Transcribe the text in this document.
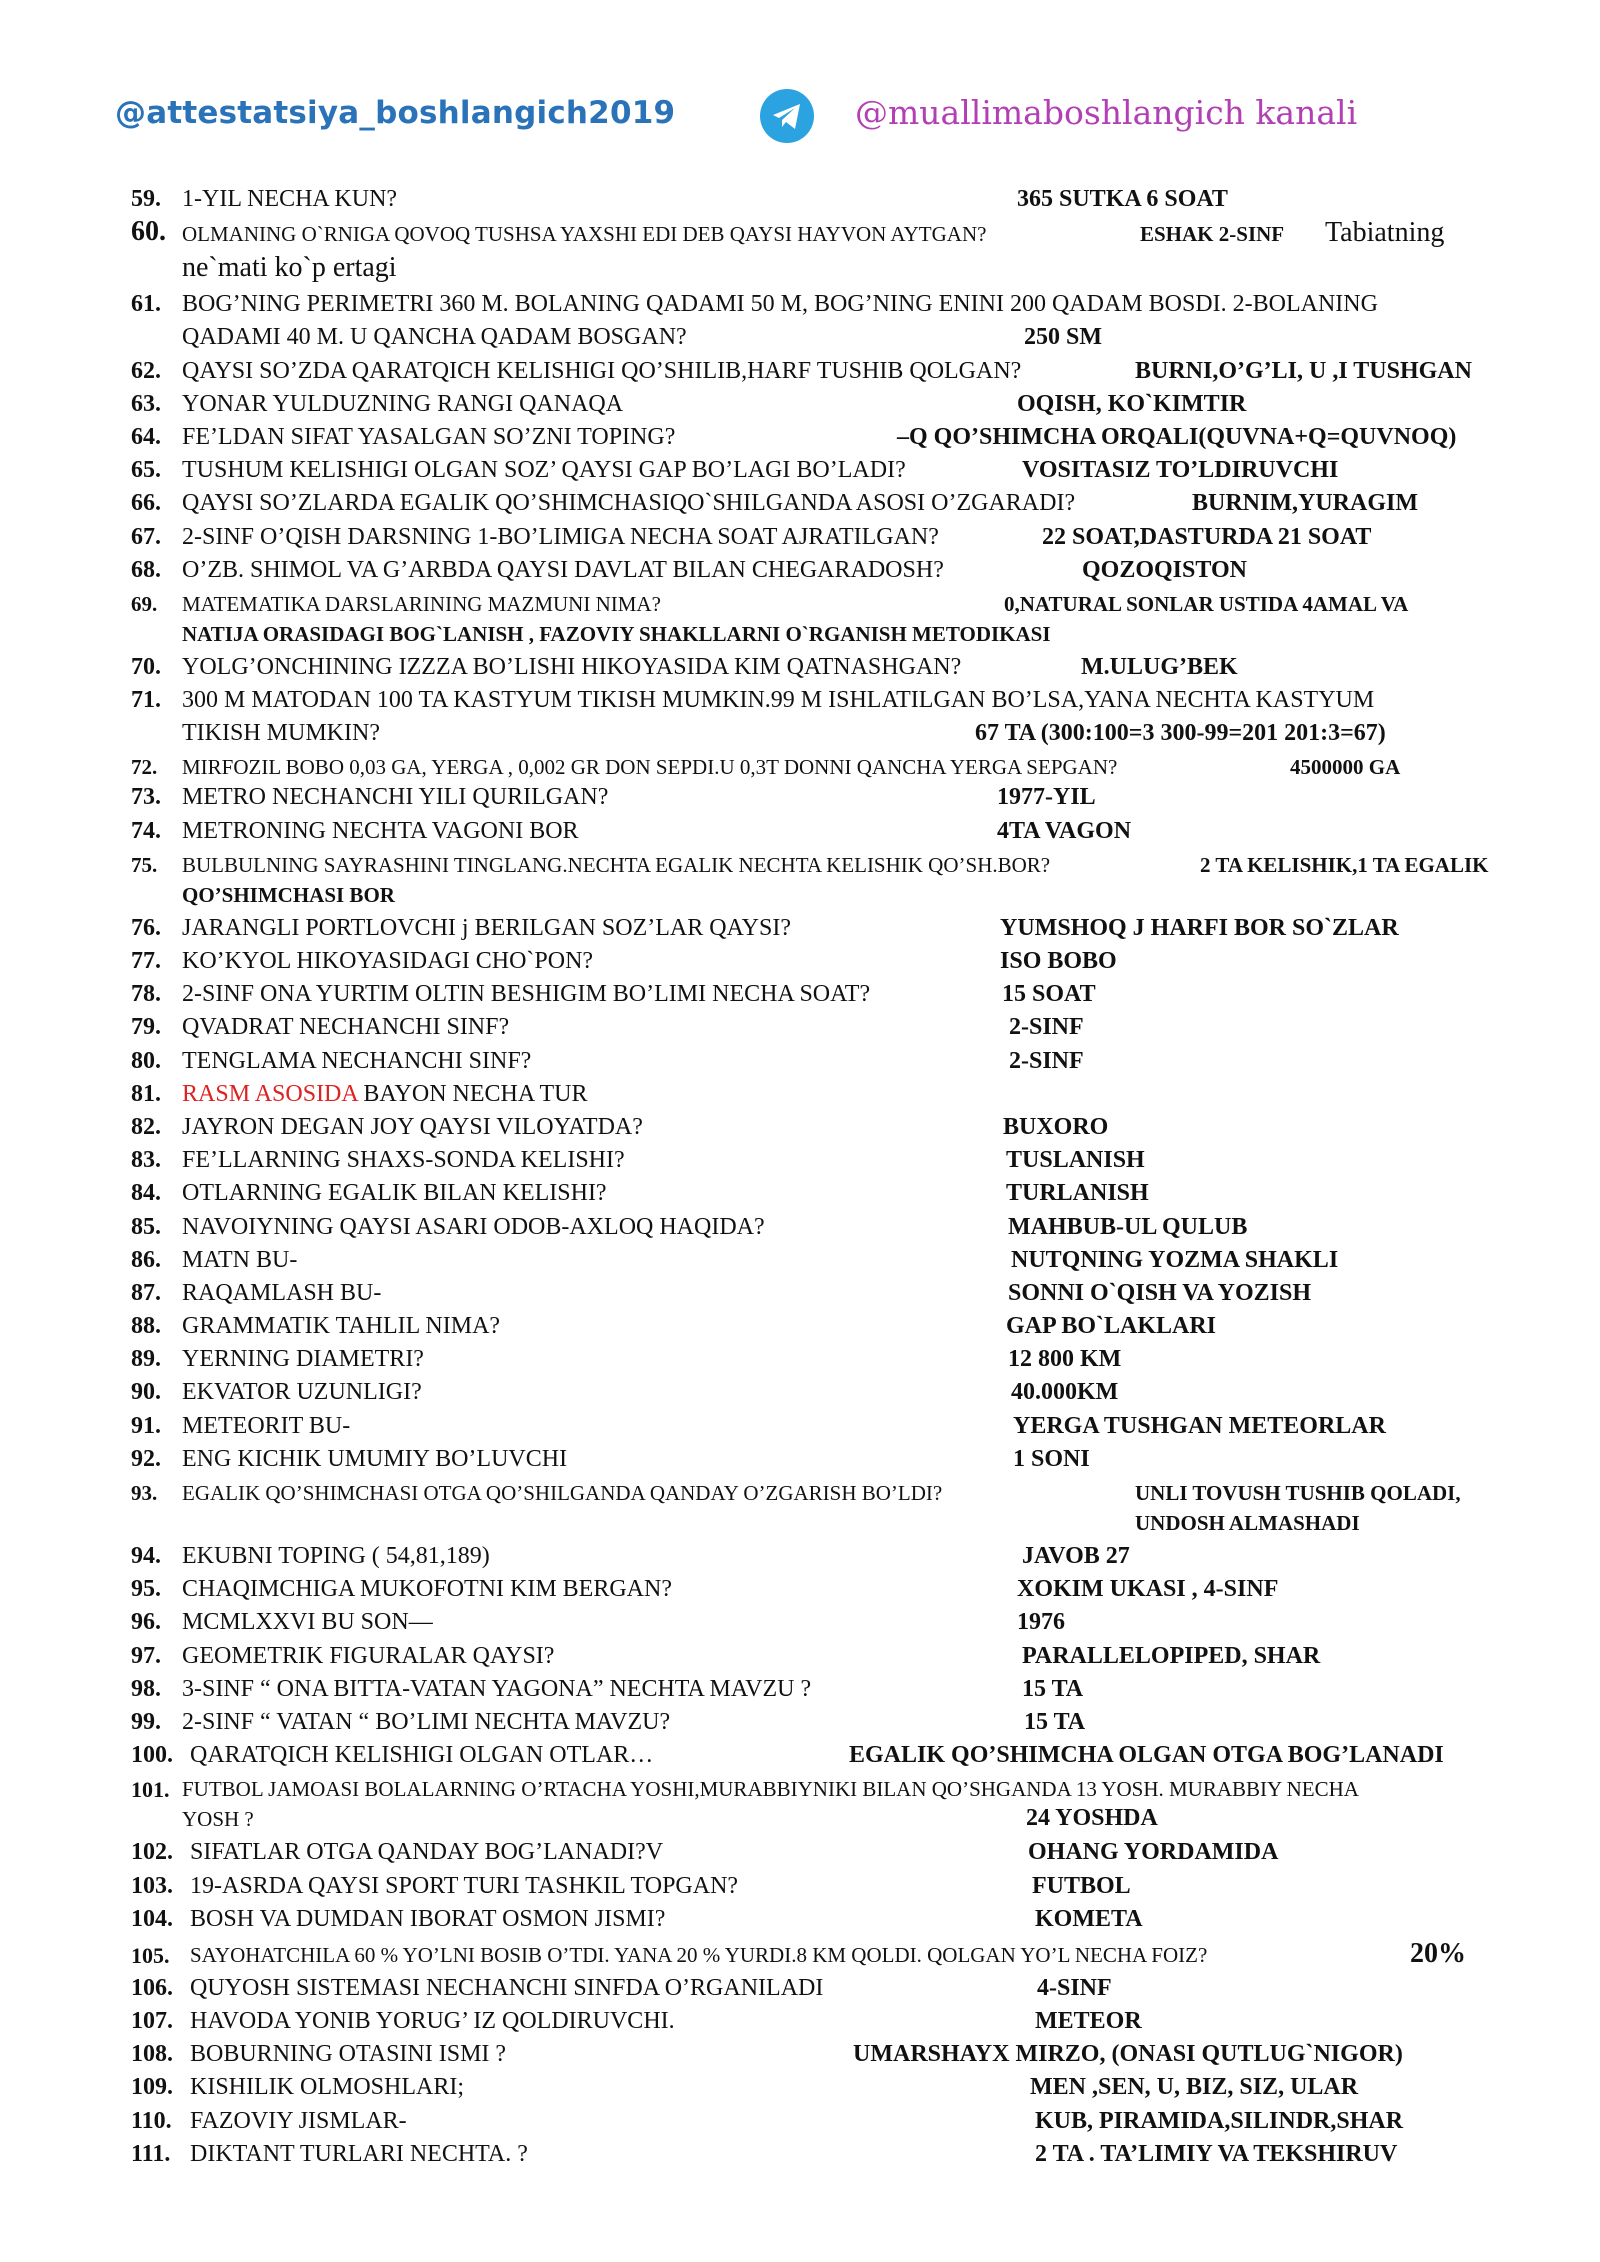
@attestatsiya_boshlangich2019	@muallimaboshlangich kanali
59. 1-YIL NECHA KUN?	365 SUTKA 6 SOAT
60. OLMANING O`RNIGA QOVOQ TUSHSA YAXSHI EDI DEB QAYSI HAYVON AYTGAN?	ESHAK 2-SINF Tabiatning
ne`mati ko`p ertagi
61. BOG’NING PERIMETRI 360 M. BOLANING QADAMI 50 M, BOG’NING ENINI 200 QADAM BOSDI. 2-BOLANING
QADAMI 40 M. U QANCHA QADAM BOSGAN?	250 SM
62. QAYSI SO’ZDA QARATQICH KELISHIGI QO’SHILIB,HARF TUSHIB QOLGAN?	BURNI,O’G’LI, U ,I TUSHGAN
63. YONAR YULDUZNING RANGI QANAQA	OQISH, KO`KIMTIR
64. FE’LDAN SIFAT YASALGAN SO’ZNI TOPING?	–Q QO’SHIMCHA ORQALI(QUVNA+Q=QUVNOQ)
65. TUSHUM KELISHIGI OLGAN SOZ’ QAYSI GAP BO’LAGI BO’LADI?	VOSITASIZ TO’LDIRUVCHI
66. QAYSI SO’ZLARDA EGALIK QO’SHIMCHASIQO`SHILGANDA ASOSI O’ZGARADI?	BURNIM,YURAGIM
67. 2-SINF O’QISH DARSNING 1-BO’LIMIGA NECHA SOAT AJRATILGAN?	22 SOAT,DASTURDA 21 SOAT
68. O’ZB. SHIMOL VA G’ARBDA QAYSI DAVLAT BILAN CHEGARADOSH?	QOZOQISTON
69. MATEMATIKA DARSLARINING MAZMUNI NIMA?	0,NATURAL SONLAR USTIDA 4AMAL VA
NATIJA ORASIDAGI BOG`LANISH , FAZOVIY SHAKLLARNI O`RGANISH METODIKASI
70. YOLG’ONCHINING IZZZA BO’LISHI HIKOYASIDA KIM QATNASHGAN?	M.ULUG’BEK
71. 300 M MATODAN 100 TA KASTYUM TIKISH MUMKIN.99 M ISHLATILGAN BO’LSA,YANA NECHTA KASTYUM
TIKISH MUMKIN?	67 TA (300:100=3 300-99=201 201:3=67)
72. MIRFOZIL BOBO 0,03 GA, YERGA , 0,002 GR DON SEPDI.U 0,3T DONNI QANCHA YERGA SEPGAN?	4500000 GA
73. METRO NECHANCHI YILI QURILGAN?	1977-YIL
74. METRONING NECHTA VAGONI BOR	4TA VAGON
75. BULBULNING SAYRASHINI TINGLANG.NECHTA EGALIK NECHTA KELISHIK QO’SH.BOR?	2 TA KELISHIK,1 TA EGALIK
QO’SHIMCHASI BOR
76. JARANGLI PORTLOVCHI j BERILGAN SOZ’LAR QAYSI?	YUMSHOQ J HARFI BOR SO`ZLAR
77. KO’KYOL HIKOYASIDAGI CHO`PON?	ISO BOBO
78. 2-SINF ONA YURTIM OLTIN BESHIGIM BO’LIMI NECHA SOAT?	15 SOAT
79. QVADRAT NECHANCHI SINF?	2-SINF
80. TENGLAMA NECHANCHI SINF?	2-SINF
81. RASM ASOSIDA BAYON NECHA TUR
82. JAYRON DEGAN JOY QAYSI VILOYATDA?	BUXORO
83. FE’LLARNING SHAXS-SONDA KELISHI?	TUSLANISH
84. OTLARNING EGALIK BILAN KELISHI?	TURLANISH
85. NAVOIYNING QAYSI ASARI ODOB-AXLOQ HAQIDA?	MAHBUB-UL QULUB
86. MATN BU-	NUTQNING YOZMA SHAKLI
87. RAQAMLASH BU-	SONNI O`QISH VA YOZISH
88. GRAMMATIK TAHLIL NIMA?	GAP BO`LAKLARI
89. YERNING DIAMETRI?	12 800 KM
90. EKVATOR UZUNLIGI?	40.000KM
91. METEORIT BU-	YERGA TUSHGAN METEORLAR
92. ENG KICHIK UMUMIY BO’LUVCHI	1 SONI
93. EGALIK QO’SHIMCHASI OTGA QO’SHILGANDA QANDAY O’ZGARISH BO’LDI?	UNLI TOVUSH TUSHIB QOLADI,
UNDOSH ALMASHADI
94. EKUBNI TOPING ( 54,81,189)	JAVOB 27
95. CHAQIMCHIGA MUKOFOTNI KIM BERGAN?	XOKIM UKASI , 4-SINF
96. MCMLXXVI BU SON—	1976
97. GEOMETRIK FIGURALAR QAYSI?	PARALLELOPIPED, SHAR
98. 3-SINF “ ONA BITTA-VATAN YAGONA” NECHTA MAVZU ?	15 TA
99. 2-SINF “ VATAN “ BO’LIMI NECHTA MAVZU?	15 TA
100. QARATQICH KELISHIGI OLGAN OTLAR…	EGALIK QO’SHIMCHA OLGAN OTGA BOG’LANADI
101. FUTBOL JAMOASI BOLALARNING O’RTACHA YOSHI,MURABBIYNIKI BILAN QO’SHGANDA 13 YOSH. MURABBIY NECHA
YOSH ?	24 YOSHDA
102. SIFATLAR OTGA QANDAY BOG’LANADI?V	OHANG YORDAMIDA
103. 19-ASRDA QAYSI SPORT TURI TASHKIL TOPGAN?	FUTBOL
104. BOSH VA DUMDAN IBORAT OSMON JISMI?	KOMETA
105. SAYOHATCHILA 60 % YO’LNI BOSIB O’TDI. YANA 20 % YURDI.8 KM QOLDI. QOLGAN YO’L NECHA FOIZ?	20%
106. QUYOSH SISTEMASI NECHANCHI SINFDA O’RGANILADI	4-SINF
107. HAVODA YONIB YORUG’ IZ QOLDIRUVCHI.	METEOR
108. BOBURNING OTASINI ISMI ?	UMARSHAYX MIRZO, (ONASI QUTLUG`NIGOR)
109. KISHILIK OLMOSHLARI;	MEN ,SEN, U, BIZ, SIZ, ULAR
110. FAZOVIY JISMLAR-	KUB, PIRAMIDA,SILINDR,SHAR
111. DIKTANT TURLARI NECHTA. ?	2 TA . TA’LIMIY VA TEKSHIRUV
